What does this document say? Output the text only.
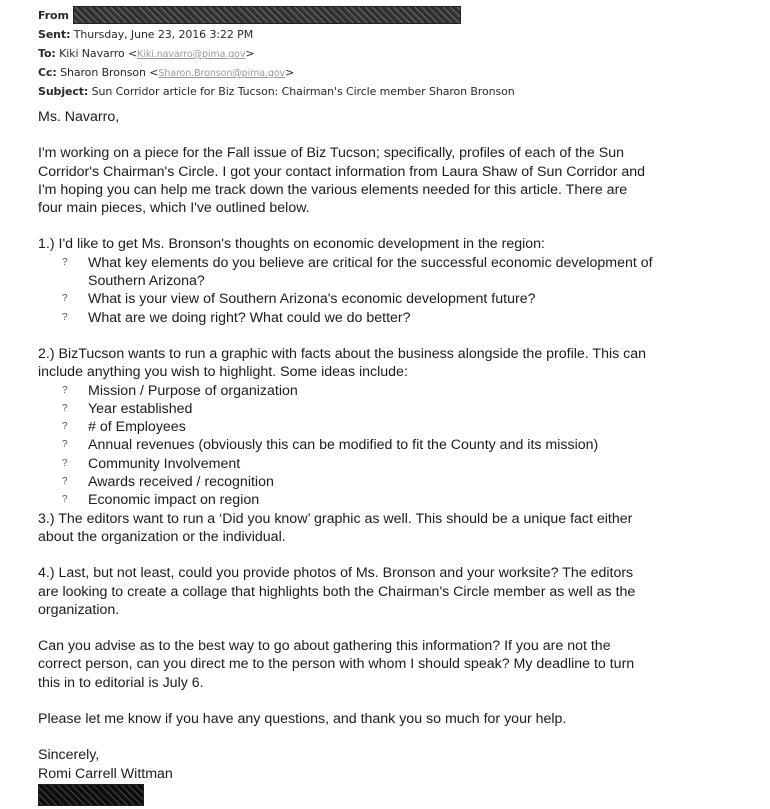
From
Sent: Thursday, June 23, 2016 3:22 PM
To: Kiki Navarro <Kiki.navarro@pima.gov>
Cc: Sharon Bronson <Sharon.Bronson@pima.gov>
Subject: Sun Corridor article for Biz Tucson: Chairman's Circle member Sharon Bronson

Ms. Navarro,

I'm working on a piece for the Fall issue of Biz Tucson; specifically, profiles of each of the Sun

Corridor's Chairman's Circle. I got your contact information from Laura Shaw of Sun Corridor and

I'm hoping you can help me track down the various elements needed for this article. There are

four main pieces, which I've outlined below.

1.) I'd like to get Ms. Bronson's thoughts on economic development in the region:

? What key elements do you believe are critical for the successful economic development of
Southern Arizona?
? What is your view of Southern Arizona's economic development future?
? What are we doing right? What could we do better?

2.) BizTucson wants to run a graphic with facts about the business alongside the profile. This can

include anything you wish to highlight. Some ideas include:

? Mission / Purpose of organization
? Year established
? # of Employees
? Annual revenues (obviously this can be modified to fit the County and its mission)
? Community Involvement
? Awards received / recognition
? Economic impact on region

3.) The editors want to run a ‘Did you know’ graphic as well. This should be a unique fact either

about the organization or the individual.

4.) Last, but not least, could you provide photos of Ms. Bronson and your worksite? The editors

are looking to create a collage that highlights both the Chairman's Circle member as well as the

organization.

Can you advise as to the best way to go about gathering this information? If you are not the

correct person, can you direct me to the person with whom I should speak? My deadline to turn

this in to editorial is July 6.

Please let me know if you have any questions, and thank you so much for your help.

Sincerely,

Romi Carrell Wittman
